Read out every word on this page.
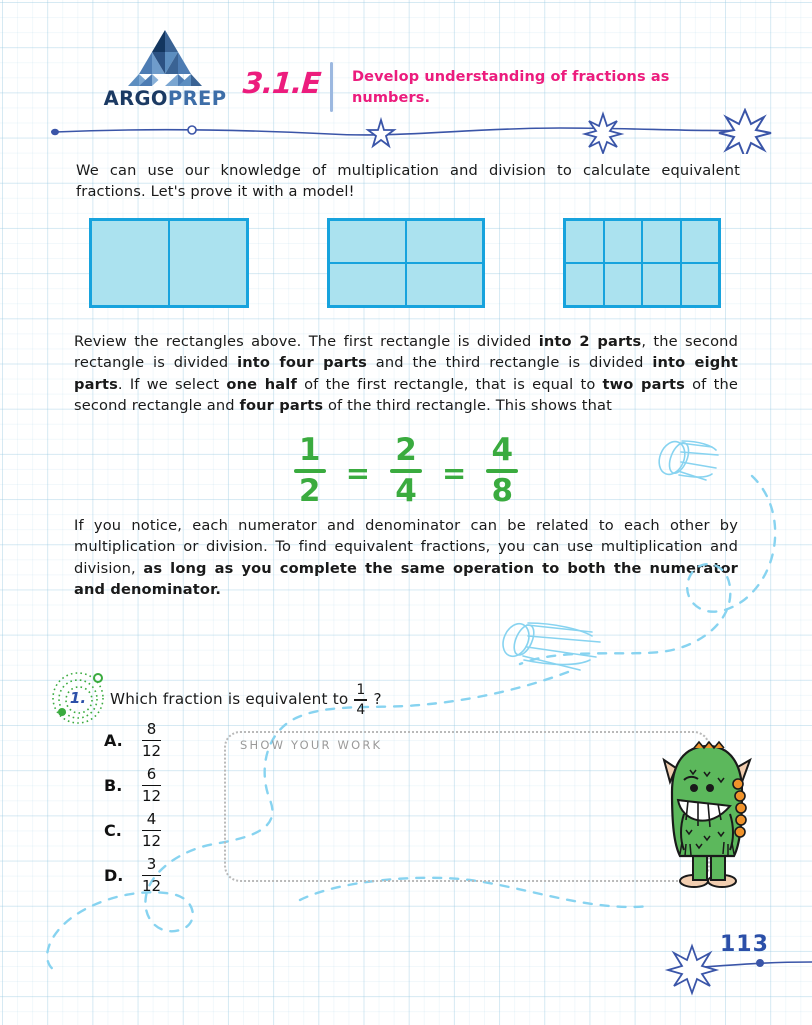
ARGOPREP 3.1.E Develop understanding of fractions as numbers.
We can use our knowledge of multiplication and division to calculate equivalent fractions. Let's prove it with a model!
Review the rectangles above. The first rectangle is divided into 2 parts, the second rectangle is divided into four parts and the third rectangle is divided into eight parts. If we select one half of the first rectangle, that is equal to two parts of the second rectangle and four parts of the third rectangle. This shows that
$\frac{1}{2} = \frac{2}{4} = \frac{4}{8}$
If you notice, each numerator and denominator can be related to each other by multiplication or division. To find equivalent fractions, you can use multiplication and division, as long as you complete the same operation to both the numerator and denominator.
1.	Which fraction is equivalent to $\frac{1}{4}$ ?
A.	$\frac{8}{12}$
B.	$\frac{6}{12}$
C.	$\frac{4}{12}$
D.	$\frac{3}{12}$
SHOW YOUR WORK
113
